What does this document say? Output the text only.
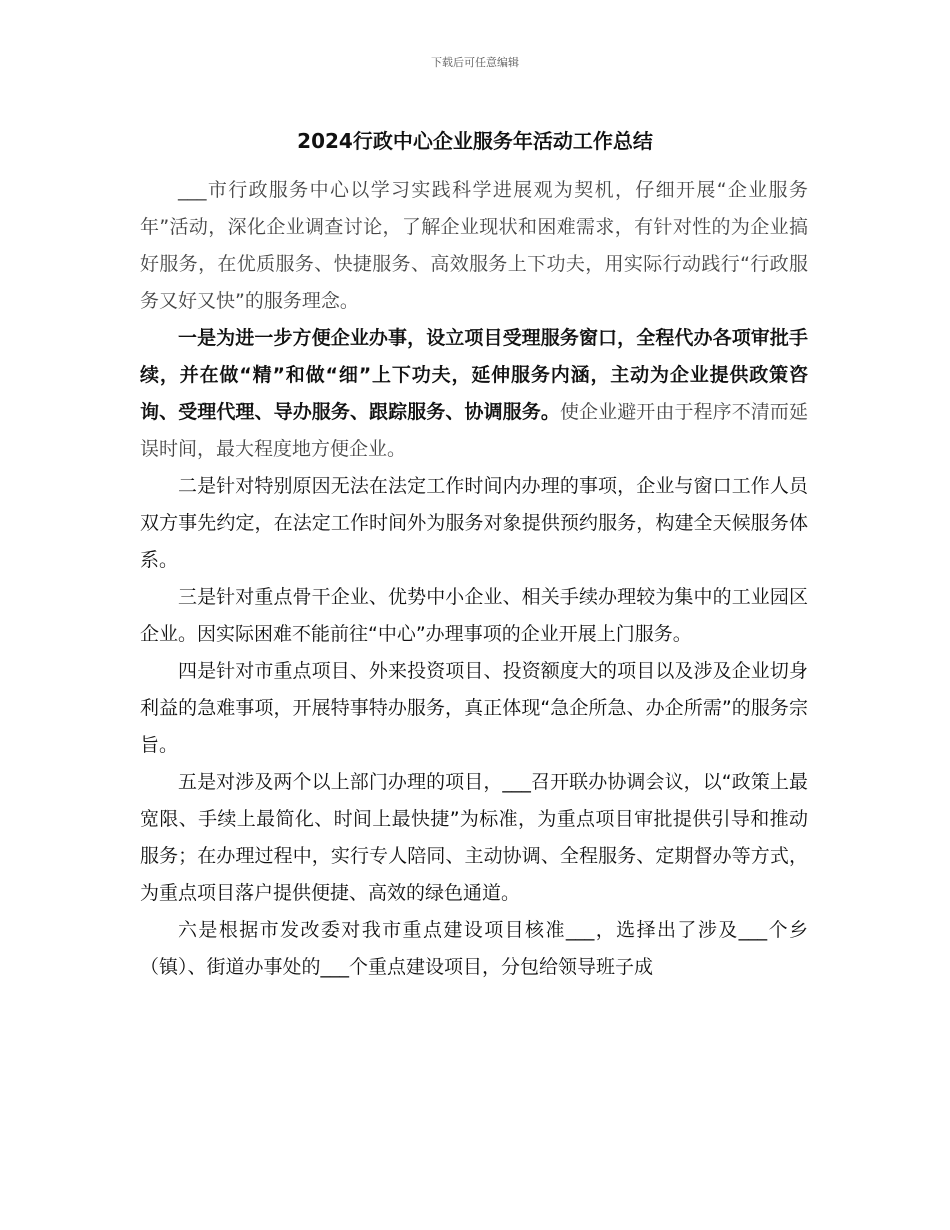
下载后可任意编辑
2024行政中心企业服务年活动工作总结

___市行政服务中心以学习实践科学进展观为契机，仔细开展“企业服务年”活动，深化企业调查讨论，了解企业现状和困难需求，有针对性的为企业搞好服务，在优质服务、快捷服务、高效服务上下功夫，用实际行动践行“行政服务又好又快”的服务理念。

一是为进一步方便企业办事，设立项目受理服务窗口，全程代办各项审批手续，并在做“精”和做“细”上下功夫，延伸服务内涵，主动为企业提供政策咨询、受理代理、导办服务、跟踪服务、协调服务。使企业避开由于程序不清而延误时间，最大程度地方便企业。

二是针对特别原因无法在法定工作时间内办理的事项，企业与窗口工作人员双方事先约定，在法定工作时间外为服务对象提供预约服务，构建全天候服务体系。

三是针对重点骨干企业、优势中小企业、相关手续办理较为集中的工业园区企业。因实际困难不能前往“中心”办理事项的企业开展上门服务。

四是针对市重点项目、外来投资项目、投资额度大的项目以及涉及企业切身利益的急难事项，开展特事特办服务，真正体现“急企所急、办企所需”的服务宗旨。

五是对涉及两个以上部门办理的项目，___召开联办协调会议，以“政策上最宽限、手续上最简化、时间上最快捷”为标准，为重点项目审批提供引导和推动服务；在办理过程中，实行专人陪同、主动协调、全程服务、定期督办等方式，为重点项目落户提供便捷、高效的绿色通道。

六是根据市发改委对我市重点建设项目核准___，选择出了涉及___个乡（镇）、街道办事处的___个重点建设项目，分包给领导班子成
